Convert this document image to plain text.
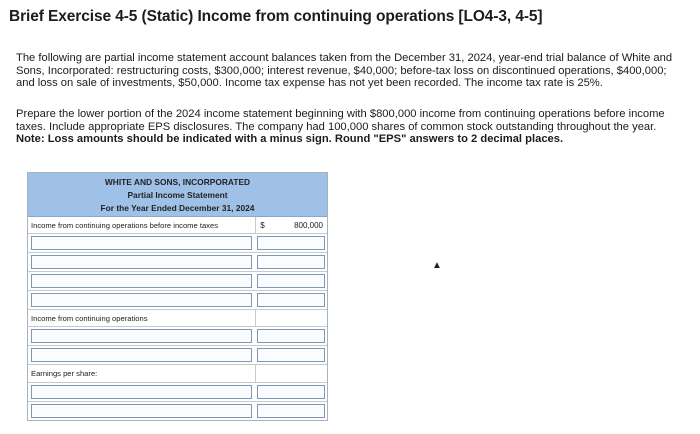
Brief Exercise 4-5 (Static) Income from continuing operations [LO4-3, 4-5]
The following are partial income statement account balances taken from the December 31, 2024, year-end trial balance of White and Sons, Incorporated: restructuring costs, $300,000; interest revenue, $40,000; before-tax loss on discontinued operations, $400,000; and loss on sale of investments, $50,000. Income tax expense has not yet been recorded. The income tax rate is 25%.
Prepare the lower portion of the 2024 income statement beginning with $800,000 income from continuing operations before income taxes. Include appropriate EPS disclosures. The company had 100,000 shares of common stock outstanding throughout the year.
Note: Loss amounts should be indicated with a minus sign. Round "EPS" answers to 2 decimal places.
WHITE AND SONS, INCORPORATED
Partial Income Statement
For the Year Ended December 31, 2024
Income from continuing operations before income taxes	$	800,000
Income from continuing operations
Earnings per share:
▲
